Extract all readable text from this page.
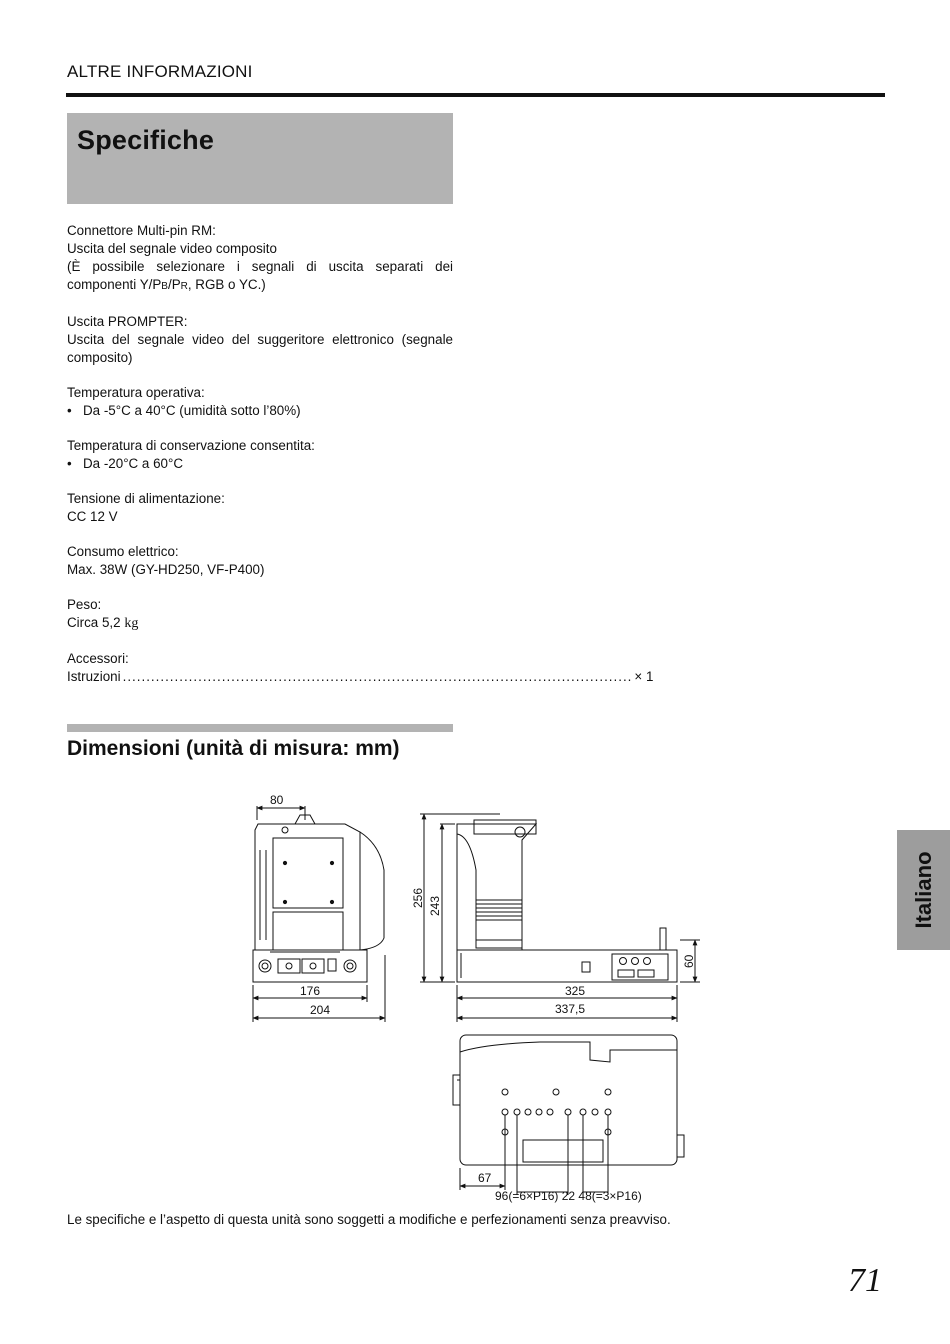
ALTRE INFORMAZIONI
Specifiche
Connettore Multi-pin RM:
Uscita del segnale video composito
(È possibile selezionare i segnali di uscita separati dei componenti Y/PB/PR, RGB o YC.)
Uscita PROMPTER:
Uscita del segnale video del suggeritore elettronico (segnale composito)
Temperatura operativa:
• Da -5°C a 40°C (umidità sotto l’80%)
Temperatura di conservazione consentita:
• Da -20°C a 60°C
Tensione di alimentazione:
CC 12 V
Consumo elettrico:
Max. 38W (GY-HD250, VF-P400)
Peso:
Circa 5,2 kg
Accessori:
Istruzioni ............................................................................................................ × 1
Dimensioni (unità di misura: mm)
80
176
204
256 243
60
325
337,5
67
96(=6×P16) 22 48(=3×P16)
Le specifiche e l’aspetto di questa unità sono soggetti a modifiche e perfezionamenti senza preavviso.
Italiano
71
